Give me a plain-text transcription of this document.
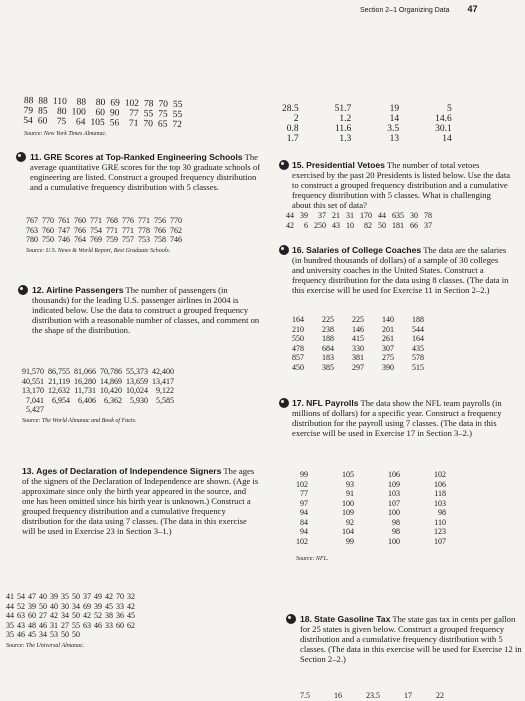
Section 2–1 Organizing Data 47
88	88	110	88	80	69	102	78	70	55
79	85	80	100	60	90	77	55	75	55
54	60	75	64	105	56	71	70	65	72
Source: New York Times Almanac.
28.5	51.7	19	5
2	1.2	14	14.6
0.8	11.6	3.5	30.1
1.7	1.3	13	14
11. GRE Scores at Top-Ranked Engineering Schools The average quantitative GRE scores for the top 30 graduate schools of engineering are listed. Construct a grouped frequency distribution and a cumulative frequency distribution with 5 classes.
767	770	761	760	771	768	776	771	756	770
763	760	747	766	754	771	771	778	766	762
780	750	746	764	769	759	757	753	758	746
Source: U.S. News & World Report, Best Graduate Schools.
12. Airline Passengers The number of passengers (in thousands) for the leading U.S. passenger airlines in 2004 is indicated below. Use the data to construct a grouped frequency distribution with a reasonable number of classes, and comment on the shape of the distribution.
91,570	86,755	81,066	70,786	55,373	42,400
40,551	21,119	16,280	14,869	13,659	13,417
13,170	12,632	11,731	10,420	10,024	9,122
7,041	6,954	6,406	6,362	5,930	5,585
5,427					
Source: The World Almanac and Book of Facts.
13. Ages of Declaration of Independence Signers The ages of the signers of the Declaration of Independence are shown. (Age is approximate since only the birth year appeared in the source, and one has been omitted since his birth year is unknown.) Construct a grouped frequency distribution and a cumulative frequency distribution for the data using 7 classes. (The data in this exercise will be used in Exercise 23 in Section 3–1.)
41	54	47	40	39	35	50	37	49	42	70	32
44	52	39	50	40	30	34	69	39	45	33	42
44	63	60	27	42	34	50	42	52	38	36	45
35	43	48	46	31	27	55	63	46	33	60	62
35	46	45	34	53	50	50					
Source: The Universal Almanac.
15. Presidential Vetoes The number of total vetoes exercised by the past 20 Presidents is listed below. Use the data to construct a grouped frequency distribution and a cumulative frequency distribution with 5 classes. What is challenging about this set of data?
44	39	37	21	31	170	44	635	30	78
42	6	250	43	10	82	50	181	66	37
16. Salaries of College Coaches The data are the salaries (in hundred thousands of dollars) of a sample of 30 colleges and university coaches in the United States. Construct a frequency distribution for the data using 8 classes. (The data in this exercise will be used for Exercise 11 in Section 2–2.)
164	225	225	140	188
210	238	146	201	544
550	188	415	261	164
478	684	330	307	435
857	183	381	275	578
450	385	297	390	515
17. NFL Payrolls The data show the NFL team payrolls (in millions of dollars) for a specific year. Construct a frequency distribution for the payroll using 7 classes. (The data in this exercise will be used in Exercise 17 in Section 3–2.)
99	105	106	102
102	93	109	106
77	91	103	118
97	100	107	103
94	109	100	98
84	92	98	110
94	104	98	123
102	99	100	107
Source: NFL.
18. State Gasoline Tax The state gas tax in cents per gallon for 25 states is given below. Construct a grouped frequency distribution and a cumulative frequency distribution with 5 classes. (The data in this exercise will be used for Exercise 12 in Section 2–2.)
7.5	16	23.5	17	22
